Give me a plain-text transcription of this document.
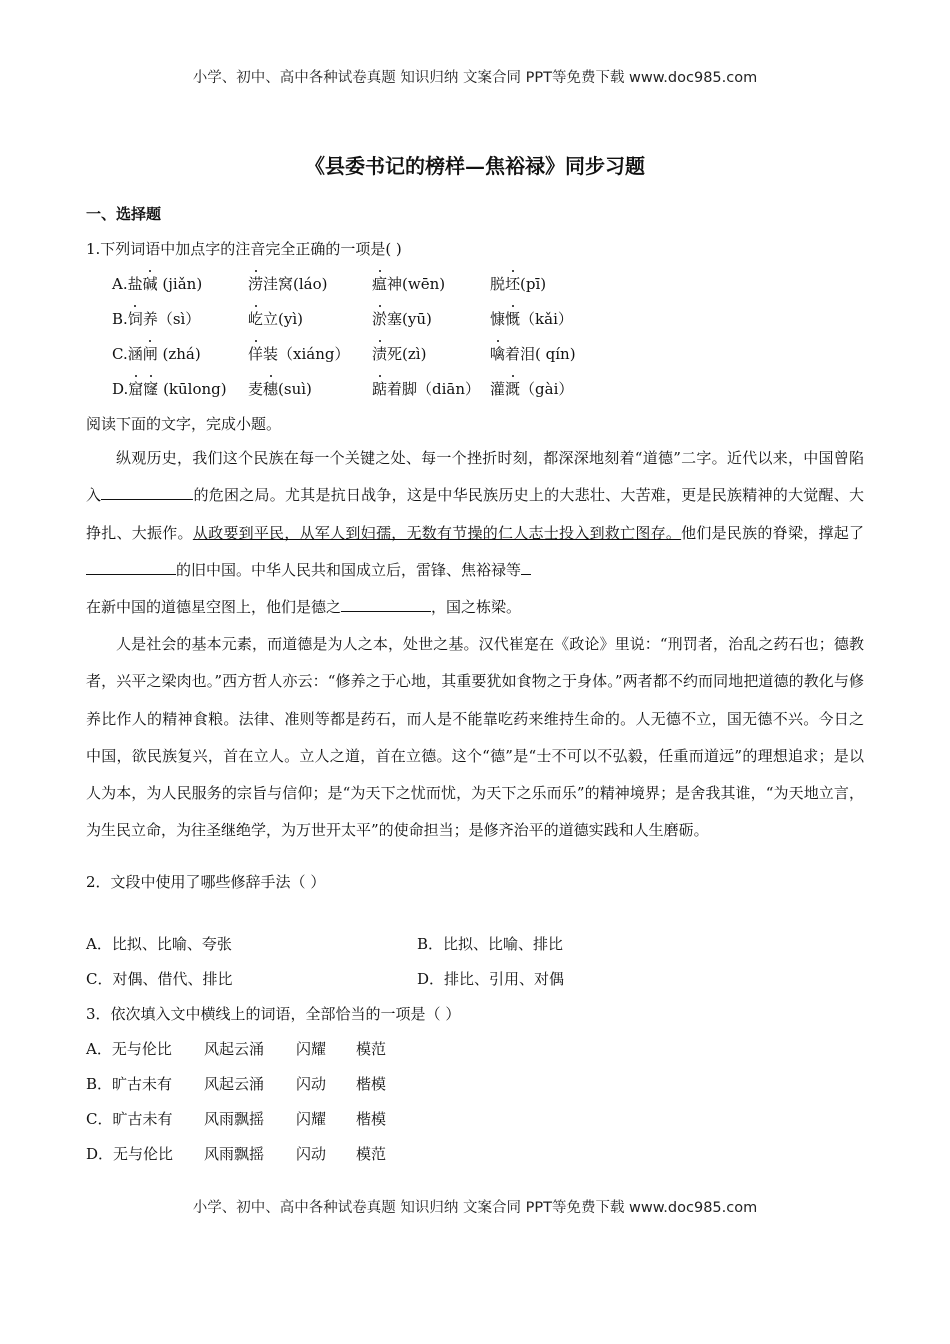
小学、初中、高中各种试卷真题 知识归纳 文案合同 PPT等免费下载 www.doc985.com
《县委书记的榜样—焦裕禄》同步习题
一、选择题
1.下列词语中加点字的注音完全正确的一项是( )
A.盐碱 (jiǎn)	涝洼窝(láo)	瘟神(wēn)	脱坯(pī)
B.饲养（sì）	屹立(yì)	淤塞(yū)	慷慨（kǎi）
C.涵闸 (zhá)	佯装（xiáng） 渍死(zì)	噙着泪( qín)
D.窟窿 (kūlong) 麦穗(suì)	踮着脚（diān） 灌溉（gài）
阅读下面的文字，完成小题。
纵观历史，我们这个民族在每一个关键之处、每一个挫折时刻，都深深地刻着“道德”二字。近代以来，中国曾陷入	的危困之局。尤其是抗日战争，这是中华民族历史上的大悲壮、大苦难，更是民族精神的大觉醒、大挣扎、大振作。从政要到平民，从军人到妇孺，无数有节操的仁人志士投入到救亡图存。他们是民族的脊梁，撑起了的旧中国。中华人民共和国成立后，雷锋、焦裕禄等
在新中国的道德星空图上，他们是德之	，国之栋梁。
人是社会的基本元素，而道德是为人之本，处世之基。汉代崔寔在《政论》里说：“刑罚者，治乱之药石也；德教者，兴平之梁肉也。”西方哲人亦云：“修养之于心地，其重要犹如食物之于身体。”两者都不约而同地把道德的教化与修养比作人的精神食粮。法律、准则等都是药石，而人是不能靠吃药来维持生命的。人无德不立，国无德不兴。今日之中国，欲民族复兴，首在立人。立人之道，首在立德。这个“德”是“士不可以不弘毅，任重而道远”的理想追求；是以人为本，为人民服务的宗旨与信仰；是“为天下之忧而忧，为天下之乐而乐”的精神境界；是舍我其谁，“为天地立言，为生民立命，为往圣继绝学，为万世开太平”的使命担当；是修齐治平的道德实践和人生磨砺。
2．文段中使用了哪些修辞手法（ ）
A．比拟、比喻、夸张	B．比拟、比喻、排比
C．对偶、借代、排比	D．排比、引用、对偶
3．依次填入文中横线上的词语，全部恰当的一项是（ ）
A．无与伦比 风起云涌 闪耀 模范
B．旷古未有 风起云涌 闪动 楷模
C．旷古未有 风雨飘摇 闪耀 楷模
D．无与伦比 风雨飘摇 闪动 模范
小学、初中、高中各种试卷真题 知识归纳 文案合同 PPT等免费下载 www.doc985.com
